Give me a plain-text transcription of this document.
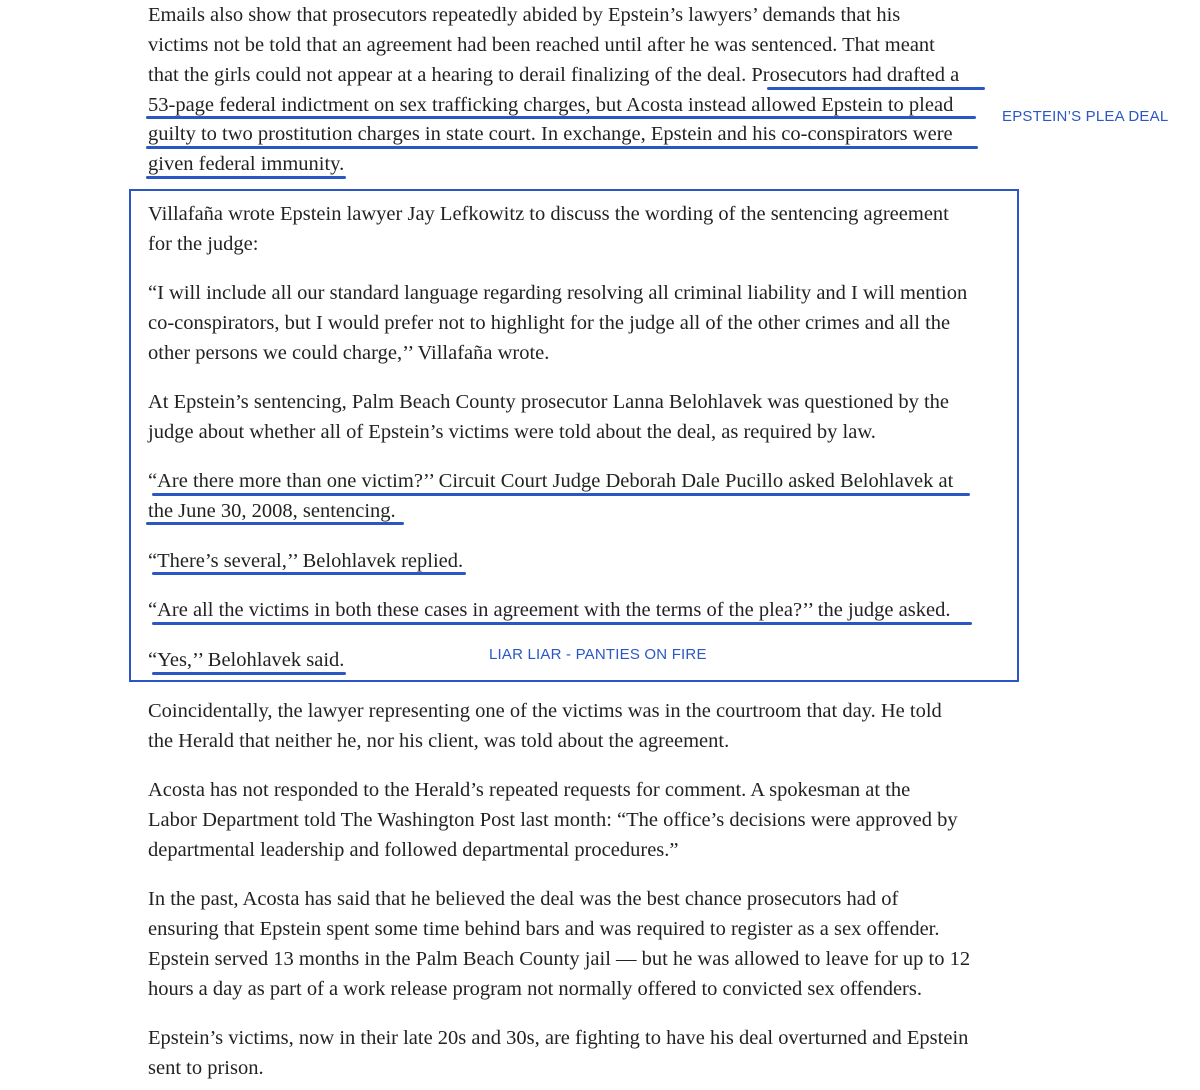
Emails also show that prosecutors repeatedly abided by Epstein’s lawyers’ demands that his
victims not be told that an agreement had been reached until after he was sentenced. That meant
that the girls could not appear at a hearing to derail finalizing of the deal. Prosecutors had drafted a
53-page federal indictment on sex trafficking charges, but Acosta instead allowed Epstein to plead
guilty to two prostitution charges in state court. In exchange, Epstein and his co-conspirators were
given federal immunity.
EPSTEIN’S PLEA DEAL
Villafaña wrote Epstein lawyer Jay Lefkowitz to discuss the wording of the sentencing agreement
for the judge:
“I will include all our standard language regarding resolving all criminal liability and I will mention
co-conspirators, but I would prefer not to highlight for the judge all of the other crimes and all the
other persons we could charge,’’ Villafaña wrote.
At Epstein’s sentencing, Palm Beach County prosecutor Lanna Belohlavek was questioned by the
judge about whether all of Epstein’s victims were told about the deal, as required by law.
“Are there more than one victim?’’ Circuit Court Judge Deborah Dale Pucillo asked Belohlavek at
the June 30, 2008, sentencing.
“There’s several,’’ Belohlavek replied.
“Are all the victims in both these cases in agreement with the terms of the plea?’’ the judge asked.
“Yes,’’ Belohlavek said.	LIAR LIAR - PANTIES ON FIRE
Coincidentally, the lawyer representing one of the victims was in the courtroom that day. He told
the Herald that neither he, nor his client, was told about the agreement.
Acosta has not responded to the Herald’s repeated requests for comment. A spokesman at the
Labor Department told The Washington Post last month: “The office’s decisions were approved by
departmental leadership and followed departmental procedures.”
In the past, Acosta has said that he believed the deal was the best chance prosecutors had of
ensuring that Epstein spent some time behind bars and was required to register as a sex offender.
Epstein served 13 months in the Palm Beach County jail — but he was allowed to leave for up to 12
hours a day as part of a work release program not normally offered to convicted sex offenders.
Epstein’s victims, now in their late 20s and 30s, are fighting to have his deal overturned and Epstein
sent to prison.
